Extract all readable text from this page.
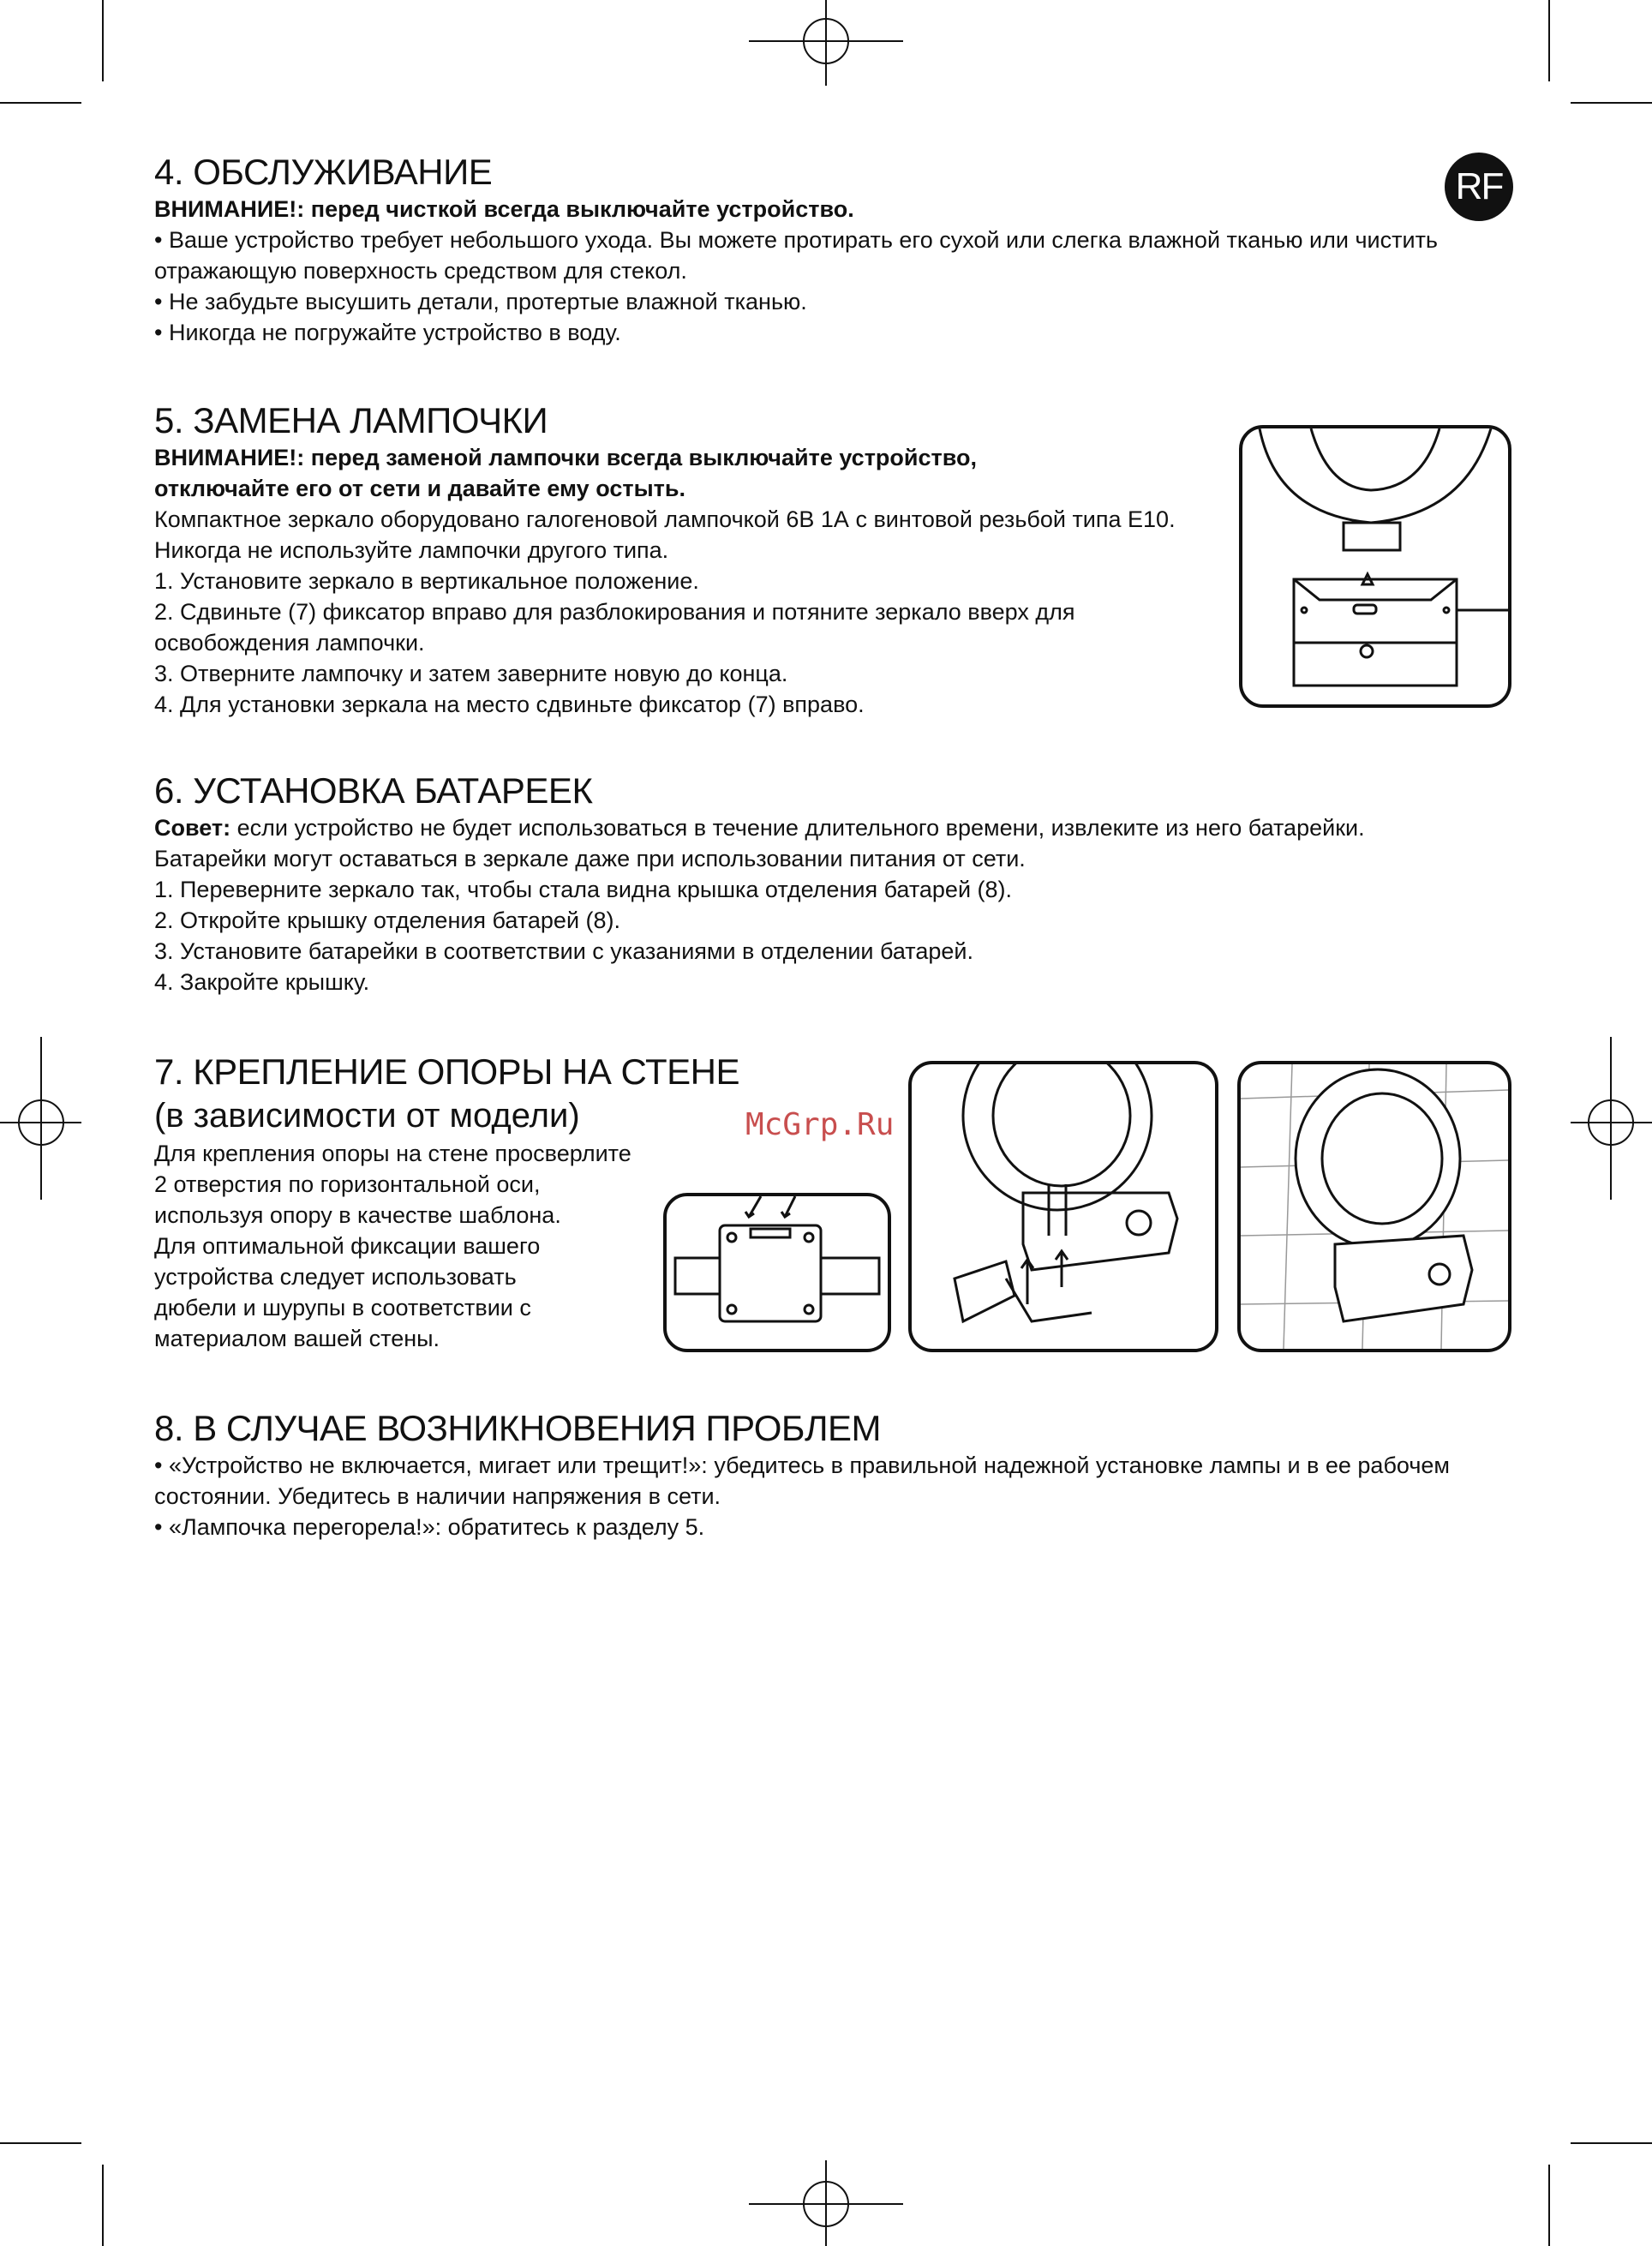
RF
4. ОБСЛУЖИВАНИЕ

ВНИМАНИЕ!: перед чисткой всегда выключайте устройство.

• Ваше устройство требует небольшого ухода. Вы можете протирать его сухой или слегка влажной тканью или чистить

отражающую поверхность средством для стекол.

• Не забудьте высушить детали, протертые влажной тканью.

• Никогда не погружайте устройство в воду.

5. ЗАМЕНА ЛАМПОЧКИ

ВНИМАНИЕ!: перед заменой лампочки всегда выключайте устройство,

отключайте его от сети и давайте ему остыть.

Компактное зеркало оборудовано галогеновой лампочкой 6В 1А с винтовой резьбой типа Е10.

Никогда не используйте лампочки другого типа.

1. Установите зеркало в вертикальное положение.

2. Сдвиньте (7) фиксатор вправо для разблокирования и потяните зеркало вверх для

освобождения лампочки.

3. Отверните лампочку и затем заверните новую до конца.

4. Для установки зеркала на место сдвиньте фиксатор (7) вправо.

6. УСТАНОВКА БАТАРЕЕК

Совет: если устройство не будет использоваться в течение длительного времени, извлеките из него батарейки.

Батарейки могут оставаться в зеркале даже при использовании питания от сети.

1. Переверните зеркало так, чтобы стала видна крышка отделения батарей (8).

2. Откройте крышку отделения батарей (8).

3. Установите батарейки в соответствии с указаниями в отделении батарей.

4. Закройте крышку.

7. КРЕПЛЕНИЕ ОПОРЫ НА СТЕНЕ

(в зависимости от модели)

Для крепления опоры на стене просверлите

2 отверстия по горизонтальной оси,

используя опору в качестве шаблона.

Для оптимальной фиксации вашего

устройства следует использовать

дюбели и шурупы в соответствии с

материалом вашей стены.

McGrp.Ru
8. В СЛУЧАЕ ВОЗНИКНОВЕНИЯ ПРОБЛЕМ

• «Устройство не включается, мигает или трещит!»: убедитесь в правильной надежной установке лампы и в ее рабочем

состоянии. Убедитесь в наличии напряжения в сети.

• «Лампочка перегорела!»: обратитесь к разделу 5.
